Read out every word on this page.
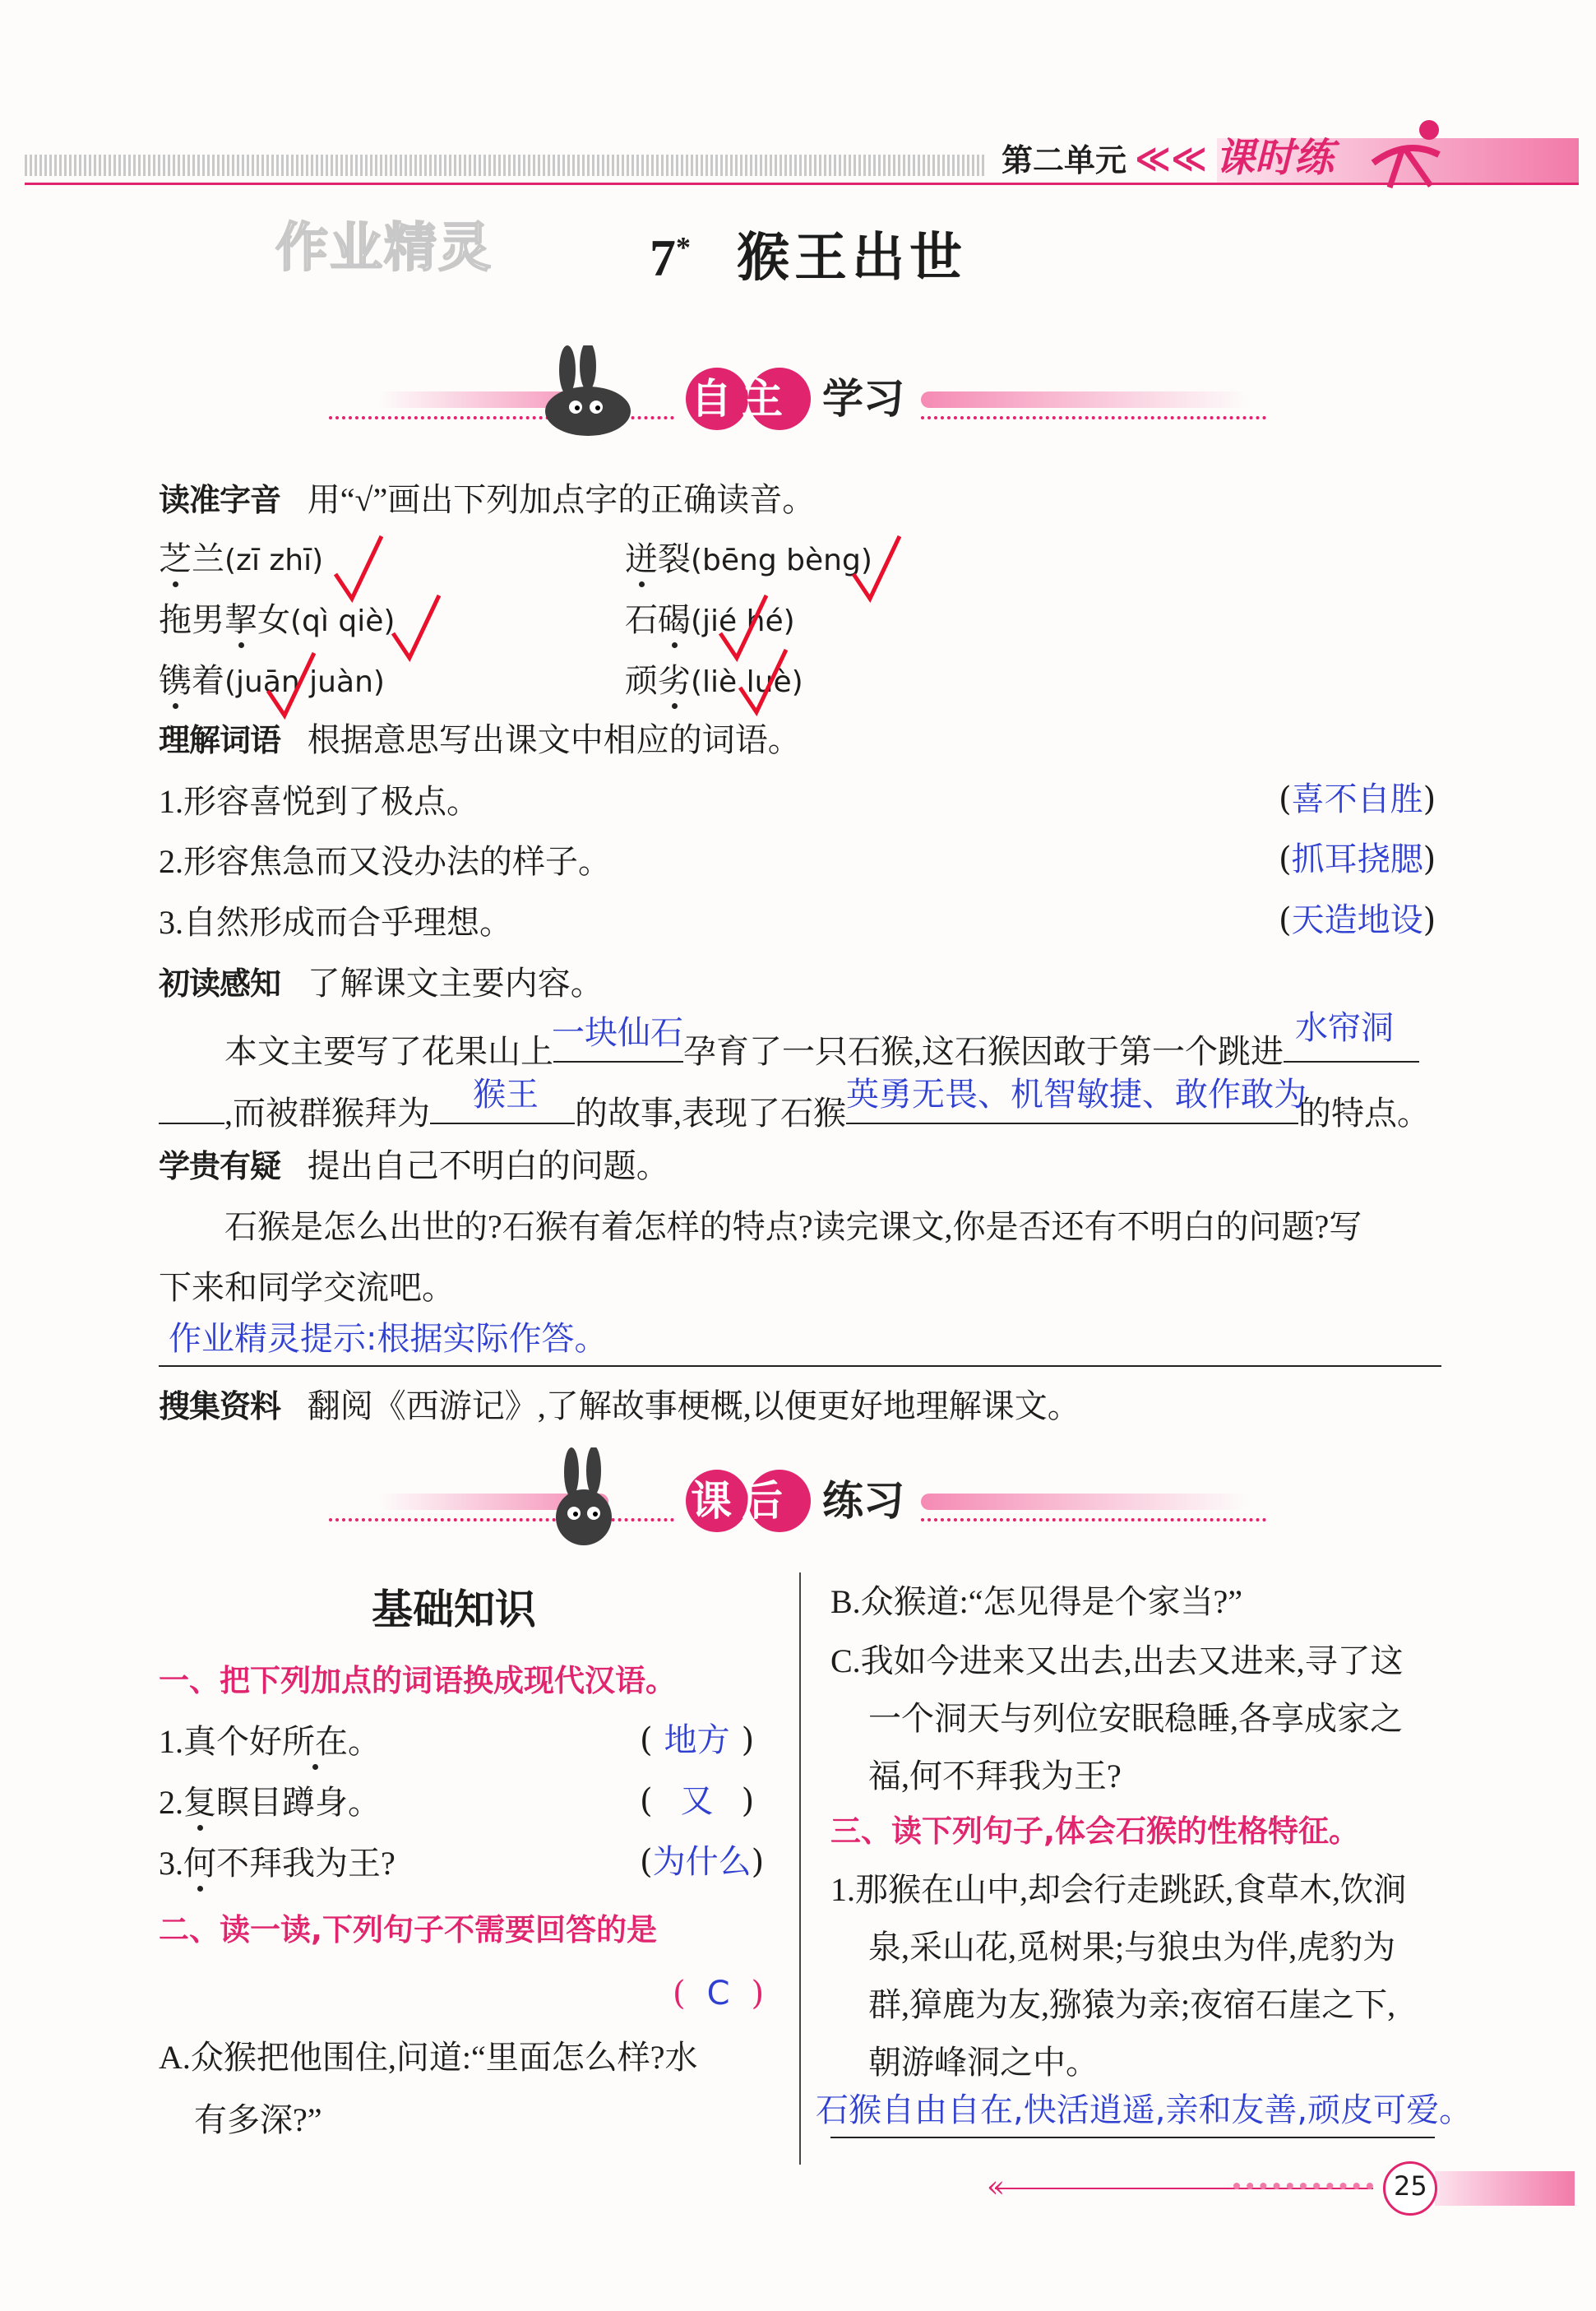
第二单元 ≪≪ 课时练
作业精灵	7* 猴王出世
自主 学习
读准字音 用“√”画出下列加点字的正确读音。
芝兰(zī zhī)	迸裂(bēng bèng)
拖男挈女(qì qiè)	石碣(jié hé)
镌着(juān juàn)	顽劣(liè luè)
理解词语 根据意思写出课文中相应的词语。
1.形容喜悦到了极点。	(喜不自胜)
2.形容焦急而又没办法的样子。	(抓耳挠腮)
3.自然形成而合乎理想。	(天造地设)
初读感知 了解课文主要内容。
本文主要写了花果山上
一块仙石 孕育了一只石猴,这石猴因敢于第一个跳进
水帘洞
,而被群猴拜为 猴王 的故事,表现了石猴 英勇无畏、机智敏捷、敢作敢为
的特点。
学贵有疑 提出自己不明白的问题。
石猴是怎么出世的?石猴有着怎样的特点?读完课文,你是否还有不明白的问题?写
下来和同学交流吧。
作业精灵提示:根据实际作答。
搜集资料 翻阅《西游记》,了解故事梗概,以便更好地理解课文。
课后 练习
基础知识
一、把下列加点的词语换成现代汉语。
1.真个好所在。	( 地方 )
2.复瞑目蹲身。	( 又 )
3.何不拜我为王?	(为什么)
二、读一读,下列句子不需要回答的是
( C )
A.众猴把他围住,问道:“里面怎么样?水
有多深?”
B.众猴道:“怎见得是个家当?”
C.我如今进来又出去,出去又进来,寻了这
一个洞天与列位安眠稳睡,各享成家之
福,何不拜我为王?
三、读下列句子,体会石猴的性格特征。
1.那猴在山中,却会行走跳跃,食草木,饮涧
泉,采山花,觅树果;与狼虫为伴,虎豹为
群,獐鹿为友,猕猿为亲;夜宿石崖之下,
朝游峰洞之中。
石猴自由自在,快活逍遥,亲和友善,顽皮可爱。
«	25
